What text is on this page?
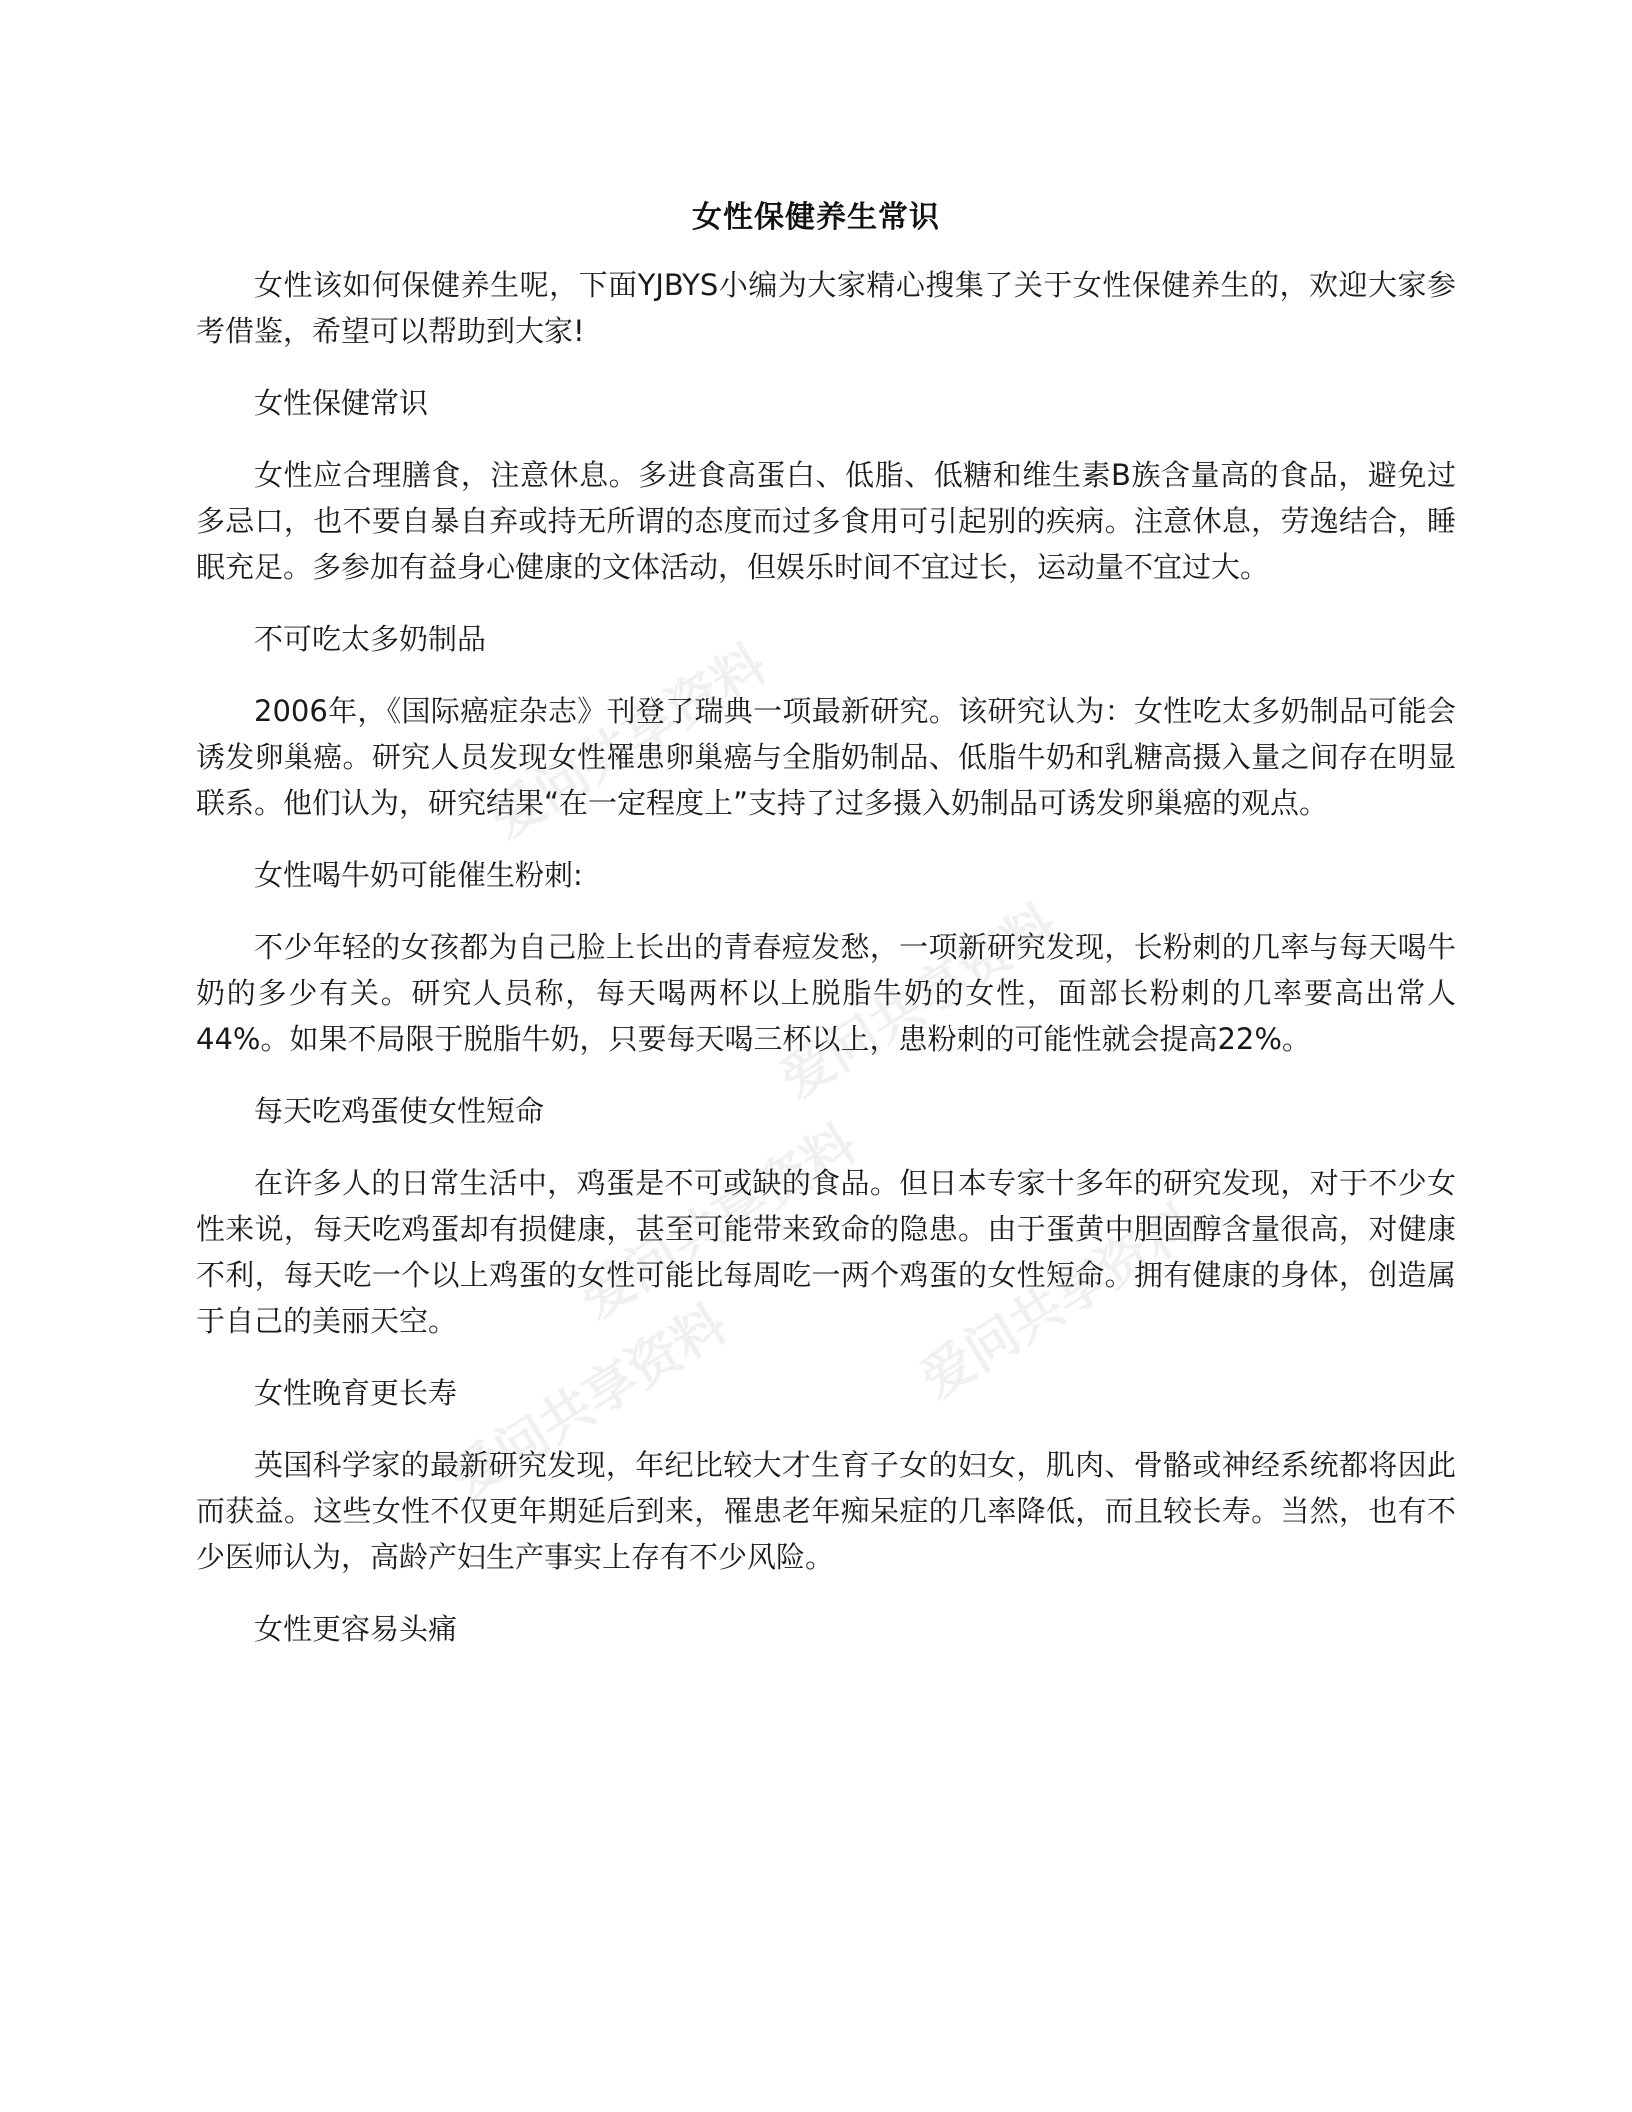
爱问共享资料
爱问共享资料
爱问共享资料
爱问共享资料	爱问共享资料
女性保健养生常识

女性该如何保健养生呢，下面YJBYS小编为大家精心搜集了关于女性保健养生的，欢迎大家参考借鉴，希望可以帮助到大家!

女性保健常识

女性应合理膳食，注意休息。多进食高蛋白、低脂、低糖和维生素B族含量高的食品，避免过多忌口，也不要自暴自弃或持无所谓的态度而过多食用可引起别的疾病。注意休息，劳逸结合，睡眠充足。多参加有益身心健康的文体活动，但娱乐时间不宜过长，运动量不宜过大。

不可吃太多奶制品

2006年，《国际癌症杂志》刊登了瑞典一项最新研究。该研究认为：女性吃太多奶制品可能会诱发卵巢癌。研究人员发现女性罹患卵巢癌与全脂奶制品、低脂牛奶和乳糖高摄入量之间存在明显联系。他们认为，研究结果“在一定程度上”支持了过多摄入奶制品可诱发卵巢癌的观点。

女性喝牛奶可能催生粉刺:

不少年轻的女孩都为自己脸上长出的青春痘发愁，一项新研究发现，长粉刺的几率与每天喝牛奶的多少有关。研究人员称，每天喝两杯以上脱脂牛奶的女性，面部长粉刺的几率要高出常人44%。如果不局限于脱脂牛奶，只要每天喝三杯以上，患粉刺的可能性就会提高22%。

每天吃鸡蛋使女性短命

在许多人的日常生活中，鸡蛋是不可或缺的食品。但日本专家十多年的研究发现，对于不少女性来说，每天吃鸡蛋却有损健康，甚至可能带来致命的隐患。由于蛋黄中胆固醇含量很高，对健康不利，每天吃一个以上鸡蛋的女性可能比每周吃一两个鸡蛋的女性短命。拥有健康的身体，创造属于自己的美丽天空。

女性晚育更长寿

英国科学家的最新研究发现，年纪比较大才生育子女的妇女，肌肉、骨骼或神经系统都将因此而获益。这些女性不仅更年期延后到来，罹患老年痴呆症的几率降低，而且较长寿。当然，也有不少医师认为，高龄产妇生产事实上存有不少风险。

女性更容易头痛
